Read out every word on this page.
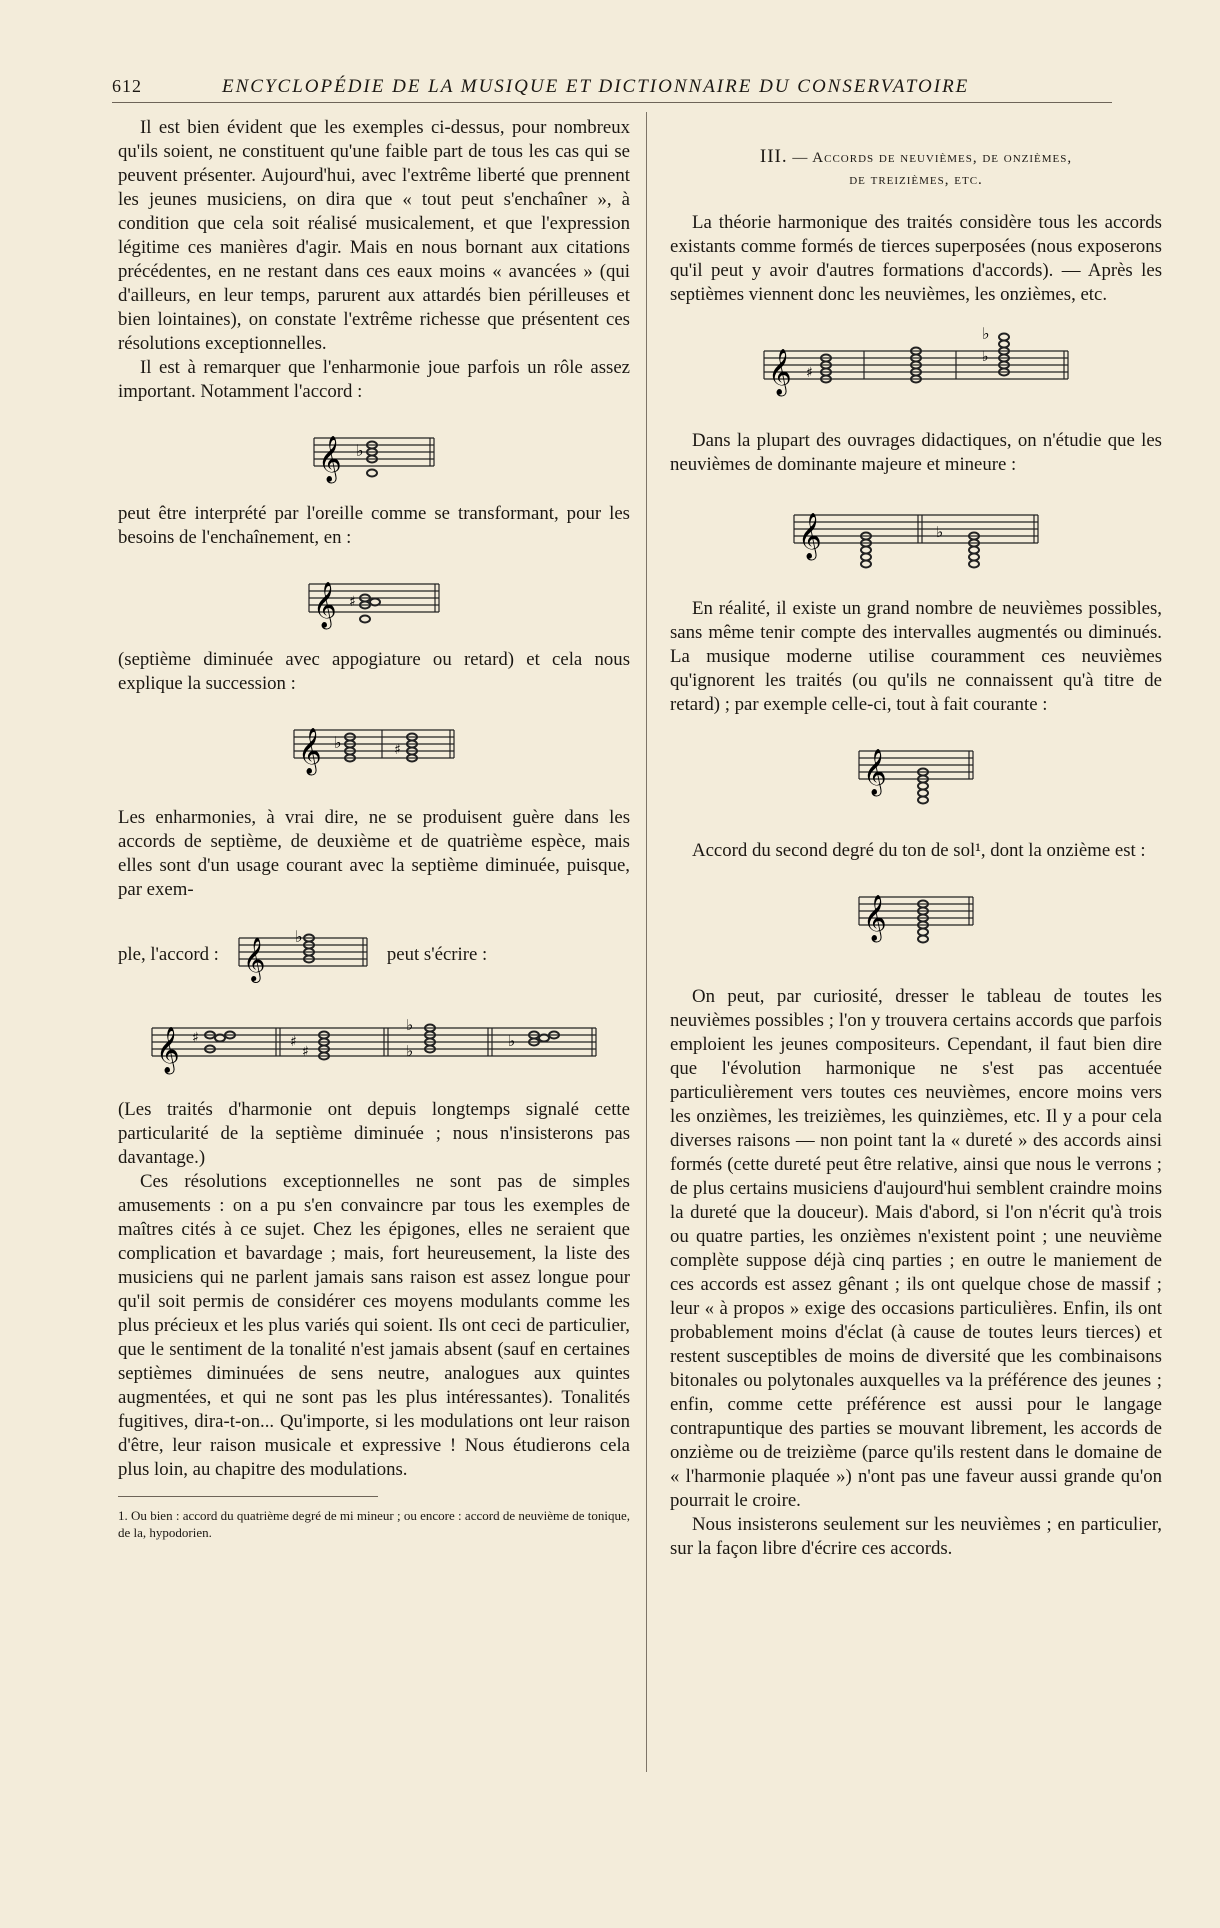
612	ENCYCLOPÉDIE DE LA MUSIQUE ET DICTIONNAIRE DU CONSERVATOIRE

Il est bien évident que les exemples ci-dessus, pour nombreux qu'ils soient, ne constituent qu'une faible part de tous les cas qui se peuvent présenter. Aujourd'hui, avec l'extrême liberté que prennent les jeunes musiciens, on dira que « tout peut s'enchaîner », à condition que cela soit réalisé musicalement, et que l'expression légitime ces manières d'agir. Mais en nous bornant aux citations précédentes, en ne restant dans ces eaux moins « avancées » (qui d'ailleurs, en leur temps, parurent aux attardés bien périlleuses et bien lointaines), on constate l'extrême richesse que présentent ces résolutions exceptionnelles.

Il est à remarquer que l'enharmonie joue parfois un rôle assez important. Notamment l'accord :

𝄞 ♭

peut être interprété par l'oreille comme se transformant, pour les besoins de l'enchaînement, en :

𝄞 ♯

(septième diminuée avec appogiature ou retard) et cela nous explique la succession :

𝄞 ♭	♯

Les enharmonies, à vrai dire, ne se produisent guère dans les accords de septième, de deuxième et de quatrième espèce, mais elles sont d'un usage courant avec la septième diminuée, puisque, par exem-

ple, l'accord : 𝄞
♭

peut s'écrire :

𝄞 ♯	♯
♯
♭
♭
♭

(Les traités d'harmonie ont depuis longtemps signalé cette particularité de la septième diminuée ; nous n'insisterons pas davantage.)

Ces résolutions exceptionnelles ne sont pas de simples amusements : on a pu s'en convaincre par tous les exemples de maîtres cités à ce sujet. Chez les épigones, elles ne seraient que complication et bavardage ; mais, fort heureusement, la liste des musiciens qui ne parlent jamais sans raison est assez longue pour qu'il soit permis de considérer ces moyens modulants comme les plus précieux et les plus variés qui soient. Ils ont ceci de particulier, que le sentiment de la tonalité n'est jamais absent (sauf en certaines septièmes diminuées de sens neutre, analogues aux quintes augmentées, et qui ne sont pas les plus intéressantes). Tonalités fugitives, dira-t-on... Qu'importe, si les modulations ont leur raison d'être, leur raison musicale et expressive ! Nous étudierons cela plus loin, au chapitre des modulations.

1. Ou bien : accord du quatrième degré de mi mineur ; ou encore : accord de neuvième de tonique, de la, hypodorien.

III. — Accords de neuvièmes, de onzièmes,
de treizièmes, etc.

La théorie harmonique des traités considère tous les accords existants comme formés de tierces superposées (nous exposerons qu'il peut y avoir d'autres formations d'accords). — Après les septièmes viennent donc les neuvièmes, les onzièmes, etc.

𝄞 ♯
♭
♭

Dans la plupart des ouvrages didactiques, on n'étudie que les neuvièmes de dominante majeure et mineure :

𝄞	♭

En réalité, il existe un grand nombre de neuvièmes possibles, sans même tenir compte des intervalles augmentés ou diminués. La musique moderne utilise couramment ces neuvièmes qu'ignorent les traités (ou qu'ils ne connaissent qu'à titre de retard) ; par exemple celle-ci, tout à fait courante :

𝄞

Accord du second degré du ton de sol¹, dont la onzième est :

𝄞

On peut, par curiosité, dresser le tableau de toutes les neuvièmes possibles ; l'on y trouvera certains accords que parfois emploient les jeunes compositeurs. Cependant, il faut bien dire que l'évolution harmonique ne s'est pas accentuée particulièrement vers toutes ces neuvièmes, encore moins vers les onzièmes, les treizièmes, les quinzièmes, etc. Il y a pour cela diverses raisons — non point tant la « dureté » des accords ainsi formés (cette dureté peut être relative, ainsi que nous le verrons ; de plus certains musiciens d'aujourd'hui semblent craindre moins la dureté que la douceur). Mais d'abord, si l'on n'écrit qu'à trois ou quatre parties, les onzièmes n'existent point ; une neuvième complète suppose déjà cinq parties ; en outre le maniement de ces accords est assez gênant ; ils ont quelque chose de massif ; leur « à propos » exige des occasions particulières. Enfin, ils ont probablement moins d'éclat (à cause de toutes leurs tierces) et restent susceptibles de moins de diversité que les combinaisons bitonales ou polytonales auxquelles va la préférence des jeunes ; enfin, comme cette préférence est aussi pour le langage contrapuntique des parties se mouvant librement, les accords de onzième ou de treizième (parce qu'ils restent dans le domaine de « l'harmonie plaquée ») n'ont pas une faveur aussi grande qu'on pourrait le croire.

Nous insisterons seulement sur les neuvièmes ; en particulier, sur la façon libre d'écrire ces accords.
